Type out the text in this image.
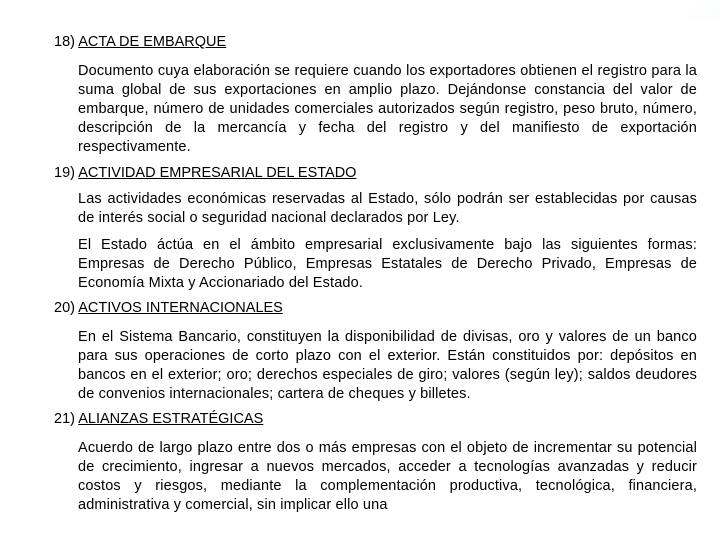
18) ACTA DE EMBARQUE

Documento cuya elaboración se requiere cuando los exportadores obtienen el registro para la suma global de sus exportaciones en amplio plazo. Dejándonse constancia del valor de embarque, número de unidades comerciales autorizados según registro, peso bruto, número, descripción de la mercancía y fecha del registro y del manifiesto de exportación respectivamente.

19) ACTIVIDAD EMPRESARIAL DEL ESTADO

Las actividades económicas reservadas al Estado, sólo podrán ser establecidas por causas de interés social o seguridad nacional declarados por Ley.

El Estado áctúa en el ámbito empresarial exclusivamente bajo las siguientes formas: Empresas de Derecho Público, Empresas Estatales de Derecho Privado, Empresas de Economía Mixta y Accionariado del Estado.

20) ACTIVOS INTERNACIONALES

En el Sistema Bancario, constituyen la disponibilidad de divisas, oro y valores de un banco para sus operaciones de corto plazo con el exterior. Están constituidos por: depósitos en bancos en el exterior; oro; derechos especiales de giro; valores (según ley); saldos deudores de convenios internacionales; cartera de cheques y billetes.

21) ALIANZAS ESTRATÉGICAS

Acuerdo de largo plazo entre dos o más empresas con el objeto de incrementar su potencial de crecimiento, ingresar a nuevos mercados, acceder a tecnologías avanzadas y reducir costos y riesgos, mediante la complementación productiva, tecnológica, financiera, administrativa y comercial, sin implicar ello una
